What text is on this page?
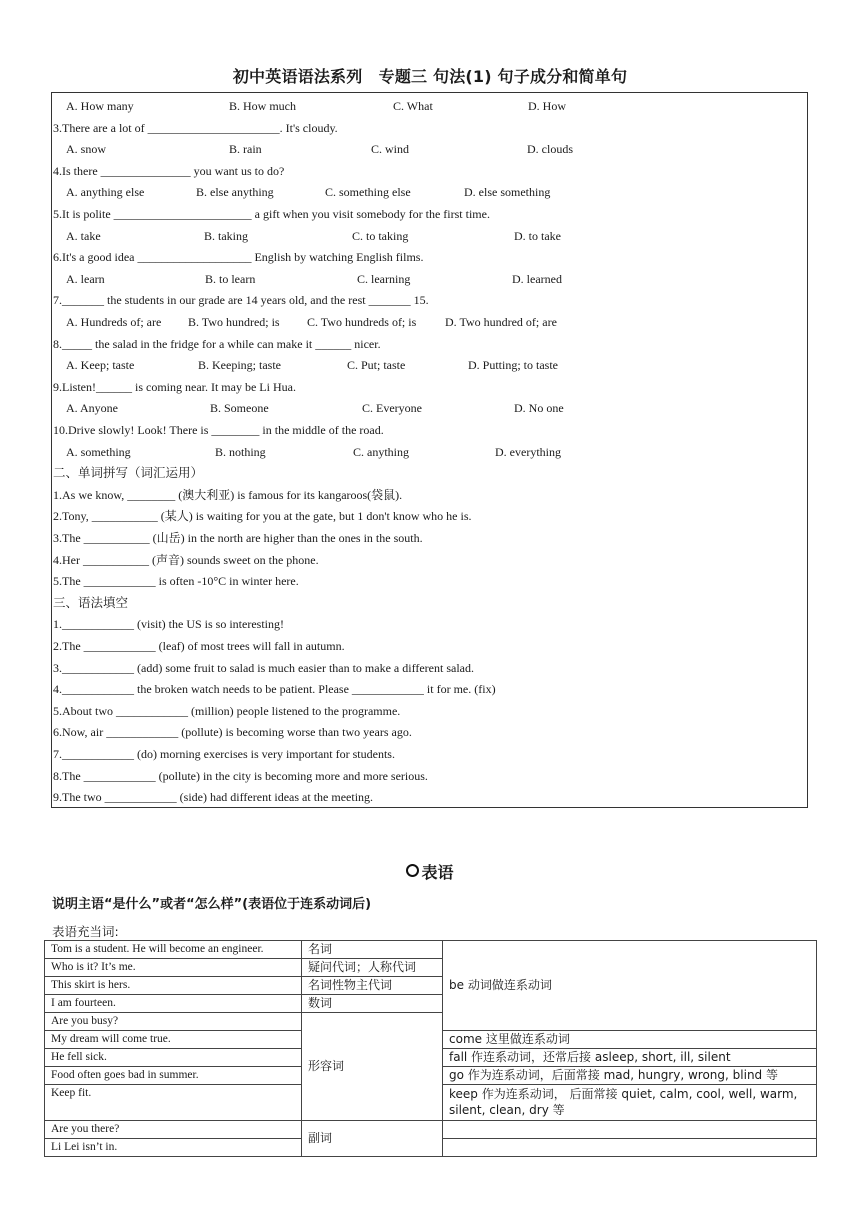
初中英语语法系列　专题三 句法(1) 句子成分和简单句
A. How many	B. How much	C. What	D. How
3.There are a lot of ______________________. It's cloudy.
A. snow	B. rain	C. wind	D. clouds
4.Is there _______________ you want us to do?
A. anything else	B. else anything	C. something else	D. else something
5.It is polite _______________________ a gift when you visit somebody for the first time.
A. take	B. taking	C. to taking	D. to take
6.It's a good idea ___________________ English by watching English films.
A. learn	B. to learn	C. learning	D. learned
7._______ the students in our grade are 14 years old, and the rest _______ 15.
A. Hundreds of; are B. Two hundred; is C. Two hundreds of; is D. Two hundred of; are
8._____ the salad in the fridge for a while can make it ______ nicer.
A. Keep; taste	B. Keeping; taste	C. Put; taste	D. Putting; to taste
9.Listen!______ is coming near. It may be Li Hua.
A. Anyone	B. Someone	C. Everyone	D. No one
10.Drive slowly! Look! There is ________ in the middle of the road.
A. something	B. nothing	C. anything	D. everything
二、单词拼写（词汇运用）
1.As we know, ________ (澳大利亚) is famous for its kangaroos(袋鼠).
2.Tony, ___________ (某人) is waiting for you at the gate, but 1 don't know who he is.
3.The ___________ (山岳) in the north are higher than the ones in the south.
4.Her ___________ (声音) sounds sweet on the phone.
5.The ____________ is often -10°C in winter here.
三、语法填空
1.____________ (visit) the US is so interesting!
2.The ____________ (leaf) of most trees will fall in autumn.
3.____________ (add) some fruit to salad is much easier than to make a different salad.
4.____________ the broken watch needs to be patient. Please ____________ it for me. (fix)
5.About two ____________ (million) people listened to the programme.
6.Now, air ____________ (pollute) is becoming worse than two years ago.
7.____________ (do) morning exercises is very important for students.
8.The ____________ (pollute) in the city is becoming more and more serious.
9.The two ____________ (side) had different ideas at the meeting.
表语
说明主语“是什么”或者“怎么样”(表语位于连系动词后)
表语充当词:
Tom is a student. He will become an engineer.	名词	be 动词做连系动词
Who is it? It’s me.	疑问代词；人称代词	
This skirt is hers.	名词性物主代词	
I am fourteen.	数词	
Are you busy?	形容词	
My dream will come true.		come 这里做连系动词
He fell sick.		fall 作连系动词，还常后接 asleep, short, ill, silent
Food often goes bad in summer.		go 作为连系动词，后面常接 mad, hungry, wrong, blind 等
Keep fit.		keep 作为连系动词， 后面常接 quiet, calm, cool, well, warm, silent, clean, dry 等
Are you there?	副词	
Li Lei isn’t in.		
